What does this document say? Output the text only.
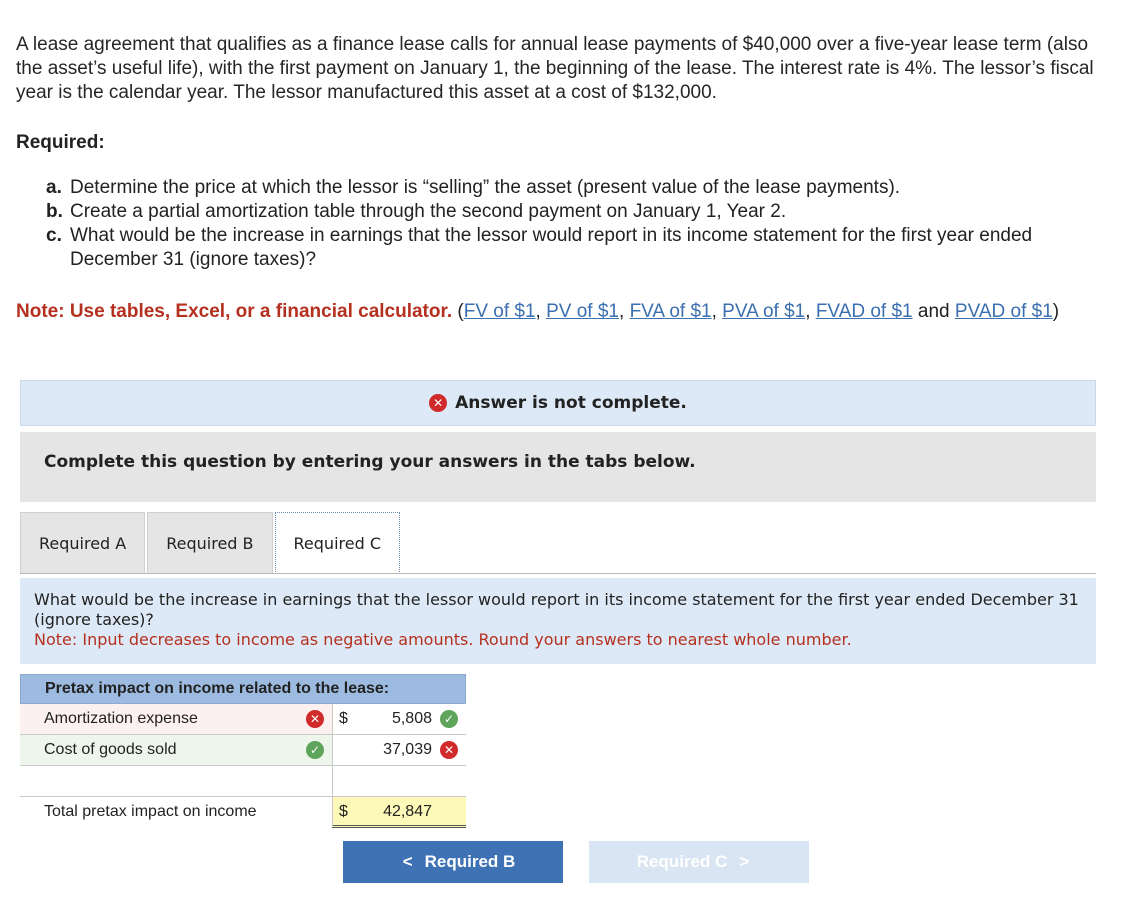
A lease agreement that qualifies as a finance lease calls for annual lease payments of $40,000 over a five-year lease term (also the asset’s useful life), with the first payment on January 1, the beginning of the lease. The interest rate is 4%. The lessor’s fiscal year is the calendar year. The lessor manufactured this asset at a cost of $132,000.
Required:
a. Determine the price at which the lessor is “selling” the asset (present value of the lease payments).
b. Create a partial amortization table through the second payment on January 1, Year 2.
c. What would be the increase in earnings that the lessor would report in its income statement for the first year ended December 31 (ignore taxes)?
Note: Use tables, Excel, or a financial calculator. (FV of $1, PV of $1, FVA of $1, PVA of $1, FVAD of $1 and PVAD of $1)
✕ Answer is not complete.
Complete this question by entering your answers in the tabs below.
Required A	Required B	Required C
What would be the increase in earnings that the lessor would report in its income statement for the first year ended December 31 (ignore taxes)?
Note: Input decreases to income as negative amounts. Round your answers to nearest whole number.
Pretax impact on income related to the lease:
Amortization expense	✕ $	5,808 ✓
Cost of goods sold	✓	37,039 ✕
Total pretax impact on income	$ 42,847
< Required B	Required C >
